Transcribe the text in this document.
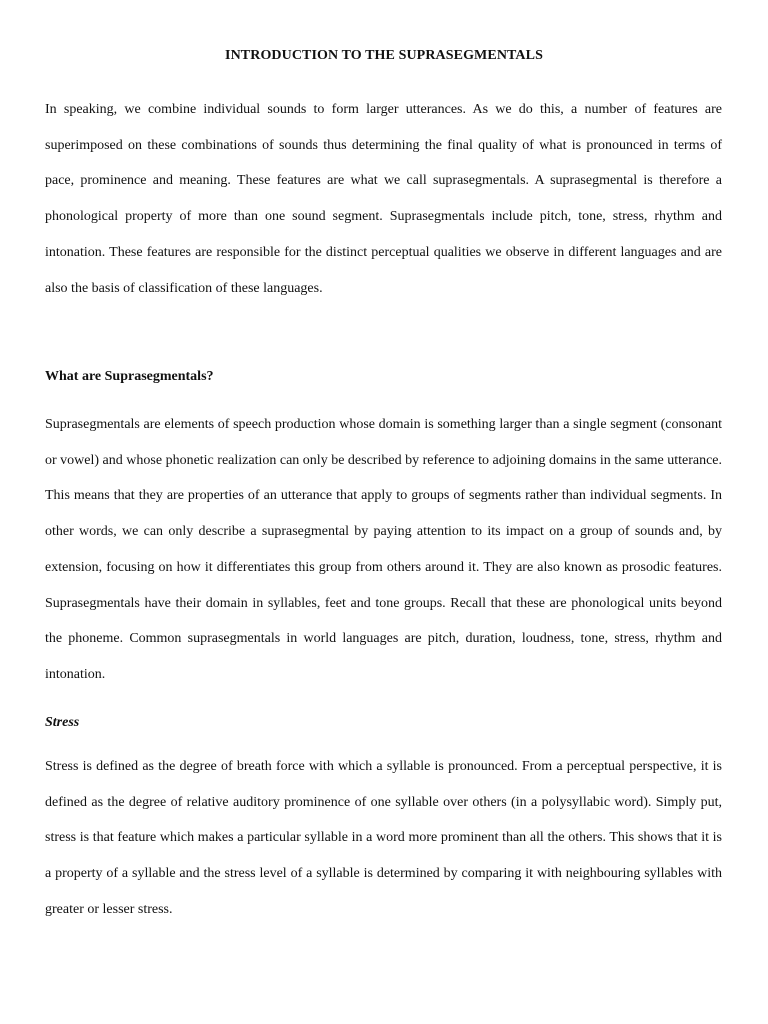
INTRODUCTION TO THE SUPRASEGMENTALS

In speaking, we combine individual sounds to form larger utterances. As we do this, a number of features are superimposed on these combinations of sounds thus determining the final quality of what is pronounced in terms of pace, prominence and meaning. These features are what we call suprasegmentals. A suprasegmental is therefore a phonological property of more than one sound segment. Suprasegmentals include pitch, tone, stress, rhythm and intonation. These features are responsible for the distinct perceptual qualities we observe in different languages and are also the basis of classification of these languages.

What are Suprasegmentals?

Suprasegmentals are elements of speech production whose domain is something larger than a single segment (consonant or vowel) and whose phonetic realization can only be described by reference to adjoining domains in the same utterance. This means that they are properties of an utterance that apply to groups of segments rather than individual segments. In other words, we can only describe a suprasegmental by paying attention to its impact on a group of sounds and, by extension, focusing on how it differentiates this group from others around it. They are also known as prosodic features. Suprasegmentals have their domain in syllables, feet and tone groups. Recall that these are phonological units beyond the phoneme. Common suprasegmentals in world languages are pitch, duration, loudness, tone, stress, rhythm and intonation.

Stress

Stress is defined as the degree of breath force with which a syllable is pronounced. From a perceptual perspective, it is defined as the degree of relative auditory prominence of one syllable over others (in a polysyllabic word). Simply put, stress is that feature which makes a particular syllable in a word more prominent than all the others. This shows that it is a property of a syllable and the stress level of a syllable is determined by comparing it with neighbouring syllables with greater or lesser stress.
